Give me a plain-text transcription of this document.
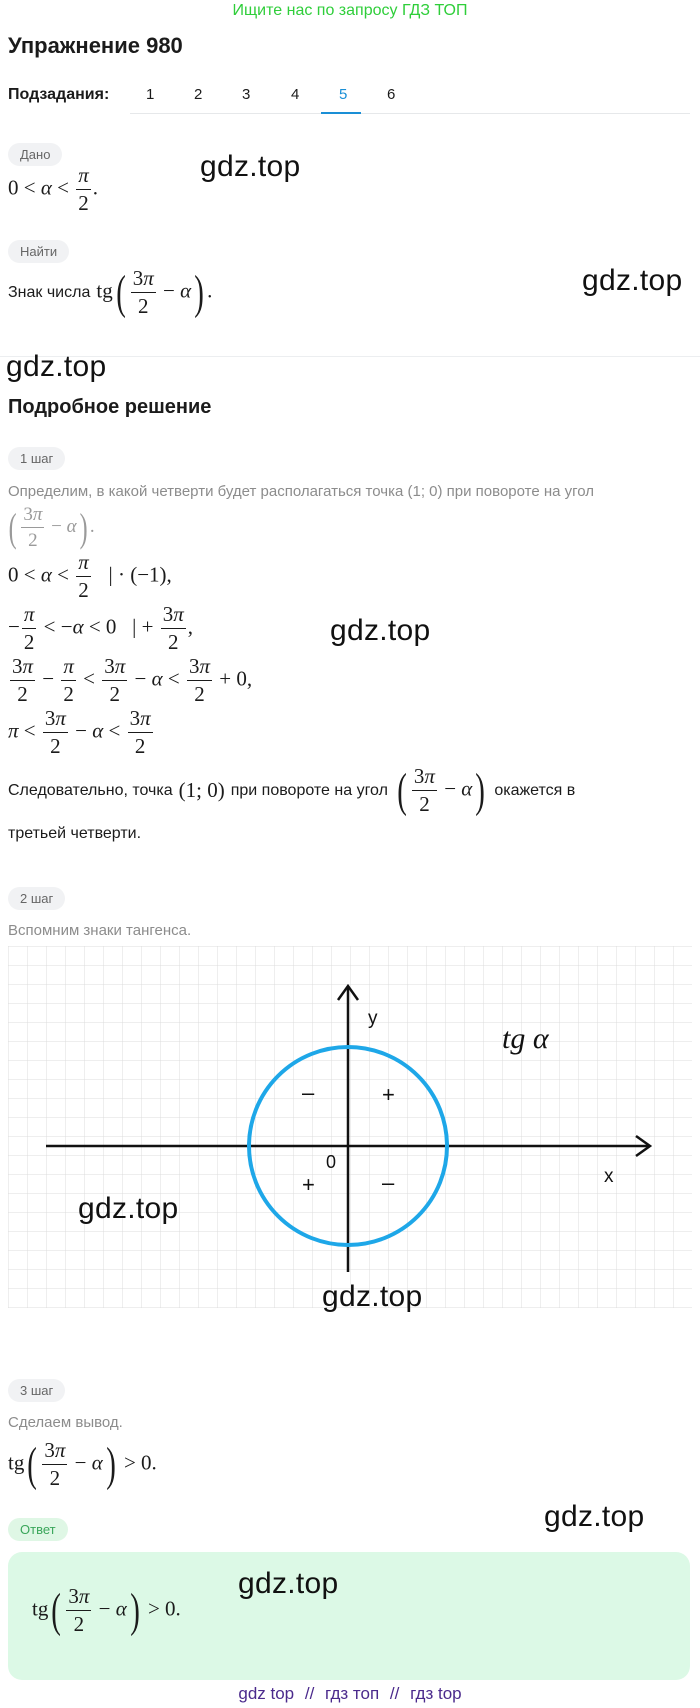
Ищите нас по запросу ГДЗ ТОП
Упражнение 980
Подзадания: 1	2	3	4	5	6
Дано
$0 < \alpha < \frac{\pi}{2}$ .
Найти
Знак числа $tg( \frac{3\pi}{2} - \alpha)$ .
Подробное решение
1 шаг
Определим, в какой четверти будет располагаться точка (1; 0) при повороте на угол
( $\frac{3\pi}{2} - \alpha$) .
$0 < \alpha < \frac{\pi}{2}$ | · (−1),
− $\frac{\pi}{2} < -\alpha < 0$   | + $\frac{3\pi}{2}$ ,
$\frac{3\pi}{2} - \frac{\pi}{2} < \frac{3\pi}{2} - \alpha < \frac{3\pi}{2} + 0$,
$\pi < \frac{3\pi}{2} - \alpha < \frac{3\pi}{2}$
Следовательно, точка (1; 0) при повороте на угол ( $\frac{3\pi}{2} - \alpha$) окажется в
третьей четверти.
2 шаг
Вспомним знаки тангенса.
y
x
0
tg α
–	+
+	–
3 шаг
Сделаем вывод.
$tg( \frac{3\pi}{2} - \alpha) > 0$.
Ответ
$tg( \frac{3\pi}{2} - \alpha) > 0$.
gdz.top
gdz.top
gdz.top
gdz.top
gdz.top
gdz.top
gdz.top
gdz.top
gdz top // гдз топ // гдз top
